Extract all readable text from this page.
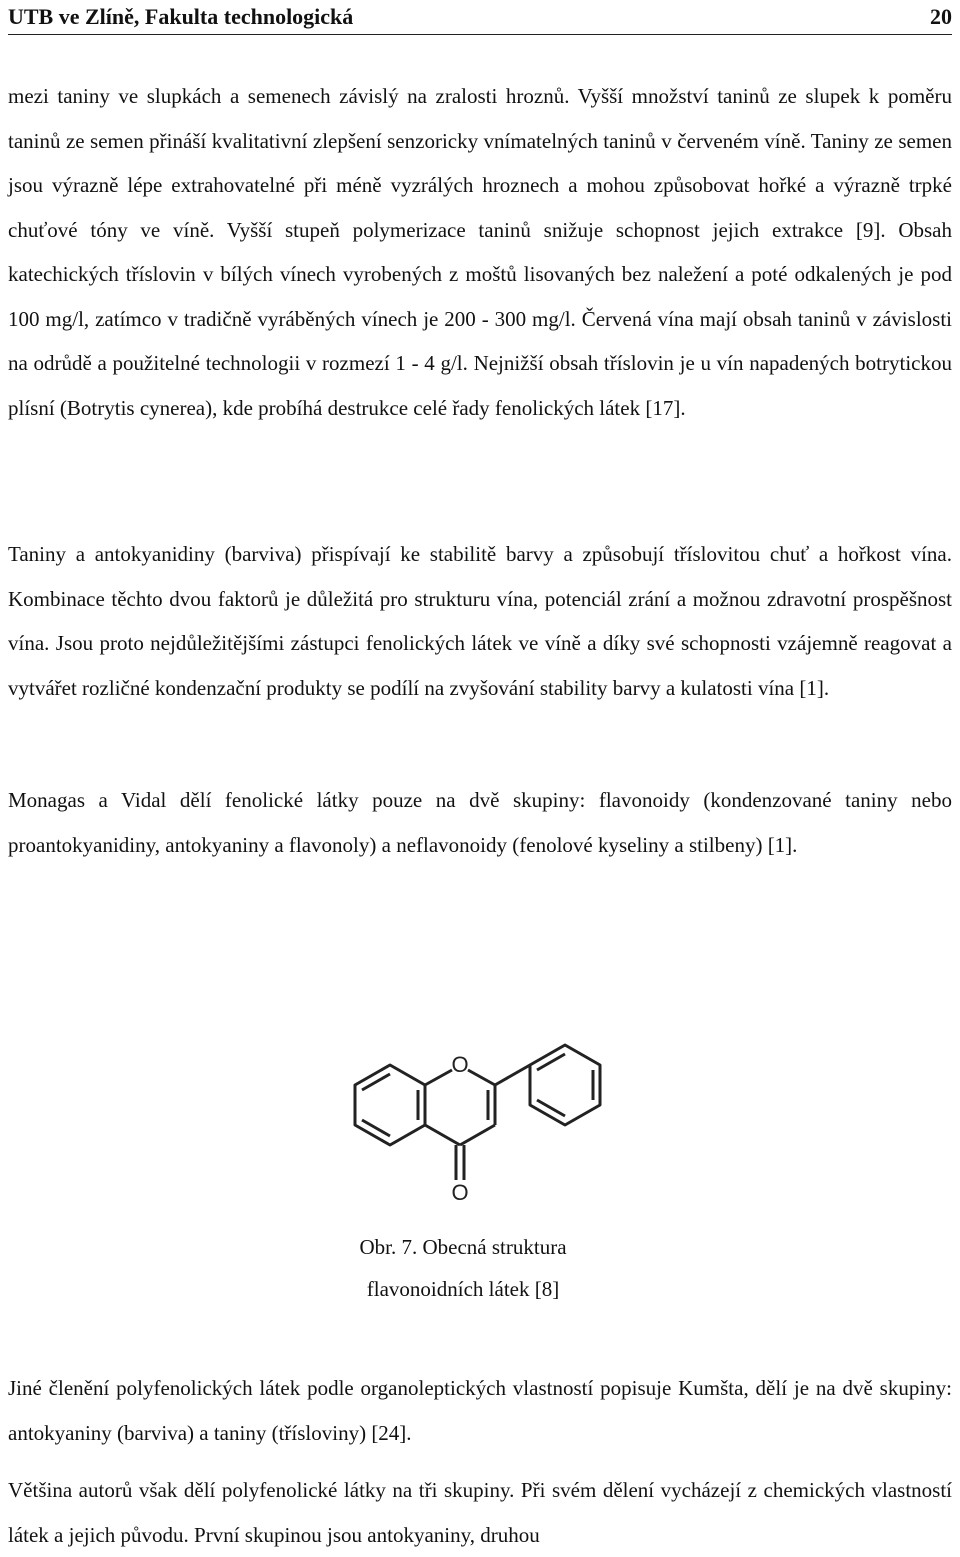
UTB ve Zlíně, Fakulta technologická	20

mezi taniny ve slupkách a semenech závislý na zralosti hroznů. Vyšší množství taninů ze slupek k poměru taninů ze semen přináší kvalitativní zlepšení senzoricky vnímatelných taninů v červeném víně. Taniny ze semen jsou výrazně lépe extrahovatelné při méně vyzrálých hroznech a mohou způsobovat hořké a výrazně trpké chuťové tóny ve víně. Vyšší stupeň polymerizace taninů snižuje schopnost jejich extrakce [9]. Obsah katechických tříslovin v bílých vínech vyrobených z moštů lisovaných bez naležení a poté odkalených je pod 100 mg/l, zatímco v tradičně vyráběných vínech je 200 - 300 mg/l. Červená vína mají obsah taninů v závislosti na odrůdě a použitelné technologii v rozmezí 1 - 4 g/l. Nejnižší obsah tříslovin je u vín napadených botrytickou plísní (Botrytis cynerea), kde probíhá destrukce celé řady fenolických látek [17].

Taniny a antokyanidiny (barviva) přispívají ke stabilitě barvy a způsobují tříslovitou chuť a hořkost vína. Kombinace těchto dvou faktorů je důležitá pro strukturu vína, potenciál zrání a možnou zdravotní prospěšnost vína. Jsou proto nejdůležitějšími zástupci fenolických látek ve víně a díky své schopnosti vzájemně reagovat a vytvářet rozličné kondenzační produkty se podílí na zvyšování stability barvy a kulatosti vína [1].

Monagas a Vidal dělí fenolické látky pouze na dvě skupiny: flavonoidy (kondenzované taniny nebo proantokyanidiny, antokyaniny a flavonoly) a neflavonoidy (fenolové kyseliny a stilbeny) [1].

O
O
Obr. 7. Obecná struktura
flavonoidních látek [8]

Jiné členění polyfenolických látek podle organoleptických vlastností popisuje Kumšta, dělí je na dvě skupiny: antokyaniny (barviva) a taniny (třísloviny) [24].

Většina autorů však dělí polyfenolické látky na tři skupiny. Při svém dělení vycházejí z chemických vlastností látek a jejich původu. První skupinou jsou antokyaniny, druhou
